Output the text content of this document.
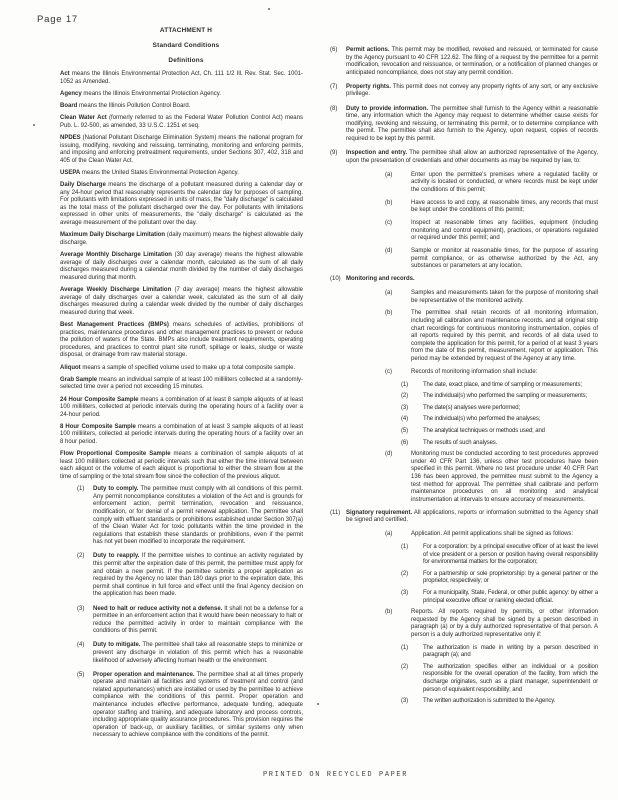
Page 17
ATTACHMENT H
Standard Conditions
Definitions

Act means the Illinois Environmental Protection Act, Ch. 111 1/2 Ill. Rev. Stat. Sec. 1001-1052 as Amended.

Agency means the Illinois Environmental Protection Agency.

Board means the Illinois Pollution Control Board.

Clean Water Act (formerly referred to as the Federal Water Pollution Control Act) means Pub. L. 92-500, as amended, 33 U.S.C. 1251 et seq.

NPDES (National Pollutant Discharge Elimination System) means the national program for issuing, modifying, revoking and reissuing, terminating, monitoring and enforcing permits, and imposing and enforcing pretreatment requirements, under Sections 307, 402, 318 and 405 of the Clean Water Act.

USEPA means the United States Environmental Protection Agency.

Daily Discharge means the discharge of a pollutant measured during a calendar day or any 24-hour period that reasonably represents the calendar day for purposes of sampling. For pollutants with limitations expressed in units of mass, the "daily discharge" is calculated as the total mass of the pollutant discharged over the day. For pollutants with limitations expressed in other units of measurements, the "daily discharge" is calculated as the average measurement of the pollutant over the day.

Maximum Daily Discharge Limitation (daily maximum) means the highest allowable daily discharge.

Average Monthly Discharge Limitation (30 day average) means the highest allowable average of daily discharges over a calendar month, calculated as the sum of all daily discharges measured during a calendar month divided by the number of daily discharges measured during that month.

Average Weekly Discharge Limitation (7 day average) means the highest allowable average of daily discharges over a calendar week, calculated as the sum of all daily discharges measured during a calendar week divided by the number of daily discharges measured during that week.

Best Management Practices (BMPs) means schedules of activities, prohibitions of practices, maintenance procedures and other management practices to prevent or reduce the pollution of waters of the State. BMPs also include treatment requirements, operating procedures, and practices to control plant site runoff, spillage or leaks, sludge or waste disposal, or drainage from raw material storage.

Aliquot means a sample of specified volume used to make up a total composite sample.

Grab Sample means an individual sample of at least 100 milliliters collected at a randomly-selected time over a period not exceeding 15 minutes.

24 Hour Composite Sample means a combination of at least 8 sample aliquots of at least 100 milliliters, collected at periodic intervals during the operating hours of a facility over a 24-hour period.

8 Hour Composite Sample means a combination of at least 3 sample aliquots of at least 100 milliliters, collected at periodic intervals during the operating hours of a facility over an 8 hour period.

Flow Proportional Composite Sample means a combination of sample aliquots of at least 100 milliliters collected at periodic intervals such that either the time interval between each aliquot or the volume of each aliquot is proportional to either the stream flow at the time of sampling or the total stream flow since the collection of the previous aliquot.

(1)	Duty to comply. The permittee must comply with all conditions of this permit. Any permit noncompliance constitutes a violation of the Act and is grounds for enforcement action, permit termination, revocation and reissuance, modification, or for denial of a permit renewal application. The permittee shall comply with effluent standards or prohibitions established under Section 307(a) of the Clean Water Act for toxic pollutants within the time provided in the regulations that establish these standards or prohibitions, even if the permit has not yet been modified to incorporate the requirement.
(2)	Duty to reapply. If the permittee wishes to continue an activity regulated by this permit after the expiration date of this permit, the permittee must apply for and obtain a new permit. If the permittee submits a proper application as required by the Agency no later than 180 days prior to the expiration date, this permit shall continue in full force and effect until the final Agency decision on the application has been made.
(3)	Need to halt or reduce activity not a defense. It shall not be a defense for a permittee in an enforcement action that it would have been necessary to halt or reduce the permitted activity in order to maintain compliance with the conditions of this permit.
(4)	Duty to mitigate. The permittee shall take all reasonable steps to minimize or prevent any discharge in violation of this permit which has a reasonable likelihood of adversely affecting human health or the environment.
(5)	Proper operation and maintenance. The permittee shall at all times properly operate and maintain all facilities and systems of treatment and control (and related appurtenances) which are installed or used by the permittee to achieve compliance with the conditions of this permit. Proper operation and maintenance includes effective performance, adequate funding, adequate operator staffing and training, and adequate laboratory and process controls, including appropriate quality assurance procedures. This provision requires the operation of back-up, or auxiliary facilities, or similar systems only when necessary to achieve compliance with the conditions of the permit.
(6)	Permit actions. This permit may be modified, revoked and reissued, or terminated for cause by the Agency pursuant to 40 CFR 122.62. The filing of a request by the permittee for a permit modification, revocation and reissuance, or termination, or a notification of planned changes or anticipated noncompliance, does not stay any permit condition.
(7)	Property rights. This permit does not convey any property rights of any sort, or any exclusive privilege.
(8)	Duty to provide information. The permittee shall furnish to the Agency within a reasonable time, any information which the Agency may request to determine whether cause exists for modifying, revoking and reissuing, or terminating this permit, or to determine compliance with the permit. The permittee shall also furnish to the Agency, upon request, copies of records required to be kept by this permit.
(9)	Inspection and entry. The permittee shall allow an authorized representative of the Agency, upon the presentation of credentials and other documents as may be required by law, to:
(a)	Enter upon the permittee's premises where a regulated facility or activity is located or conducted, or where records must be kept under the conditions of this permit;
(b)	Have access to and copy, at reasonable times, any records that must be kept under the conditions of this permit;
(c)	Inspect at reasonable times any facilities, equipment (including monitoring and control equipment), practices, or operations regulated or required under this permit; and
(d)	Sample or monitor at reasonable times, for the purpose of assuring permit compliance, or as otherwise authorized by the Act, any substances or parameters at any location.
(10) Monitoring and records.
(a)	Samples and measurements taken for the purpose of monitoring shall be representative of the monitored activity.
(b)	The permittee shall retain records of all monitoring information, including all calibration and maintenance records, and all original strip chart recordings for continuous monitoring instrumentation, copies of all reports required by this permit, and records of all data used to complete the application for this permit, for a period of at least 3 years from the date of this permit, measurement, report or application. This period may be extended by request of the Agency at any time.
(c)	Records of monitoring information shall include:
(1)	The date, exact place, and time of sampling or measurements;
(2)	The individual(s) who performed the sampling or measurements;
(3)	The date(s) analyses were performed;
(4)	The individual(s) who performed the analyses;
(5)	The analytical techniques or methods used; and
(6)	The results of such analyses.
(d)	Monitoring must be conducted according to test procedures approved under 40 CFR Part 136, unless other test procedures have been specified in this permit. Where no test procedure under 40 CFR Part 136 has been approved, the permittee must submit to the Agency a test method for approval. The permittee shall calibrate and perform maintenance procedures on all monitoring and analytical instrumentation at intervals to ensure accuracy of measurements.
(11) Signatory requirement. All applications, reports or information submitted to the Agency shall be signed and certified.
(a)	Application. All permit applications shall be signed as follows:
(1)	For a corporation: by a principal executive officer of at least the level of vice president or a person or position having overall responsibility for environmental matters for the corporation;
(2)	For a partnership or sole proprietorship: by a general partner or the proprietor, respectively; or
(3)	For a municipality, State, Federal, or other public agency: by either a principal executive officer or ranking elected official.
(b)	Reports. All reports required by permits, or other information requested by the Agency shall be signed by a person described in paragraph (a) or by a duly authorized representative of that person. A person is a duly authorized representative only if:
(1)	The authorization is made in writing by a person described in paragraph (a); and
(2)	The authorization specifies either an individual or a position responsible for the overall operation of the facility, from which the discharge originates, such as a plant manager, superintendent or person of equivalent responsibility; and
(3)	The written authorization is submitted to the Agency.
PRINTED ON RECYCLED PAPER
